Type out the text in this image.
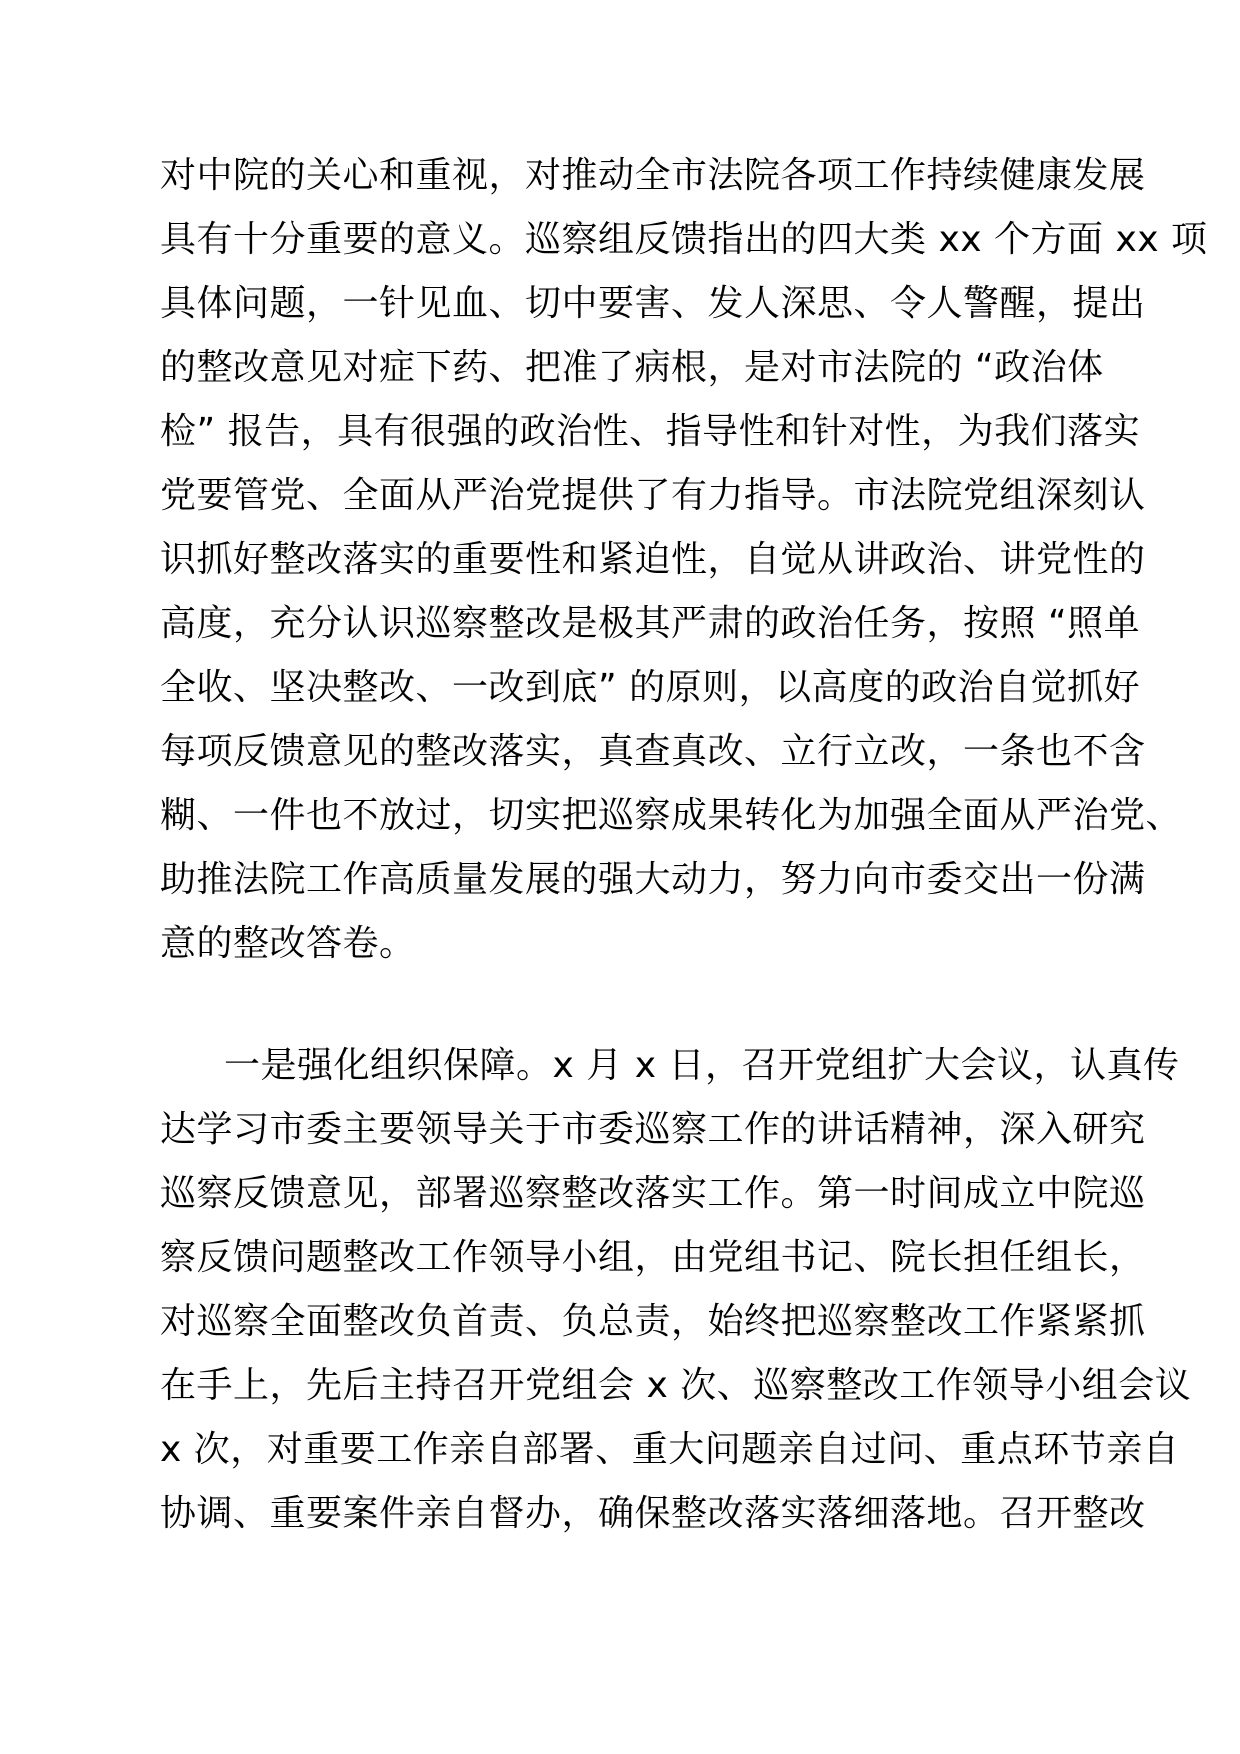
对中院的关心和重视，对推动全市法院各项工作持续健康发展
具有十分重要的意义。巡察组反馈指出的四大类 xx 个方面 xx 项
具体问题，一针见血、切中要害、发人深思、令人警醒，提出
的整改意见对症下药、把准了病根，是对市法院的 “政治体
检” 报告，具有很强的政治性、指导性和针对性，为我们落实
党要管党、全面从严治党提供了有力指导。市法院党组深刻认
识抓好整改落实的重要性和紧迫性，自觉从讲政治、讲党性的
高度，充分认识巡察整改是极其严肃的政治任务，按照 “照单
全收、坚决整改、一改到底” 的原则，以高度的政治自觉抓好
每项反馈意见的整改落实，真查真改、立行立改，一条也不含
糊、一件也不放过，切实把巡察成果转化为加强全面从严治党、
助推法院工作高质量发展的强大动力，努力向市委交出一份满
意的整改答卷。
一是强化组织保障。x 月 x 日，召开党组扩大会议，认真传
达学习市委主要领导关于市委巡察工作的讲话精神，深入研究
巡察反馈意见，部署巡察整改落实工作。第一时间成立中院巡
察反馈问题整改工作领导小组，由党组书记、院长担任组长，
对巡察全面整改负首责、负总责，始终把巡察整改工作紧紧抓
在手上，先后主持召开党组会 x 次、巡察整改工作领导小组会议
x 次，对重要工作亲自部署、重大问题亲自过问、重点环节亲自
协调、重要案件亲自督办，确保整改落实落细落地。召开整改
